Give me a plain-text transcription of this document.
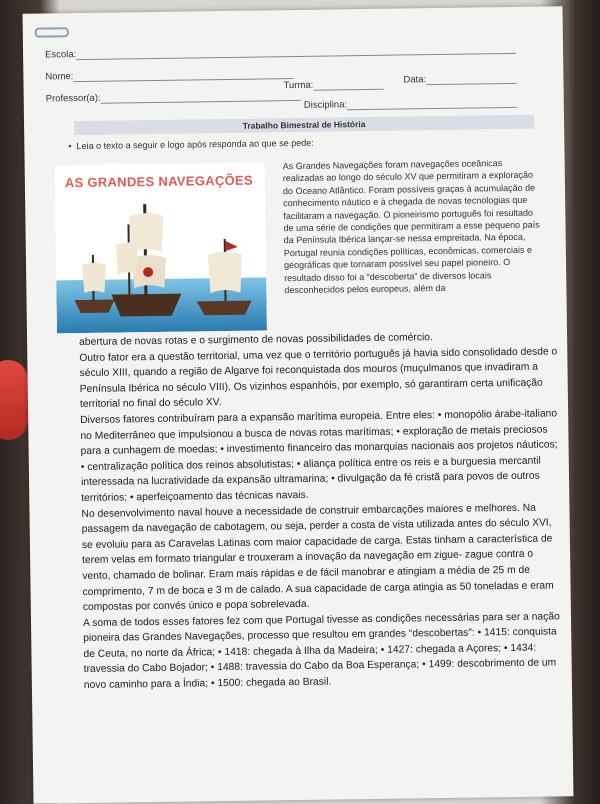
Escola:
Nome:
Turma:	Data:
Professor(a):
Disciplina:
Trabalho Bimestral de História
•  Leia o texto a seguir e logo após responda ao que se pede:
AS GRANDES NAVEGAÇÕES
As Grandes Navegações foram navegações oceânicas realizadas ao longo do século XV que permitiram a exploração do Oceano Atlântico. Foram possíveis graças à acumulação de conhecimento náutico e à chegada de novas tecnologias que facilitaram a navegação. O pioneirismo português foi resultado de uma série de condições que permitiram a esse pequeno país da Península Ibérica lançar-se nessa empreitada. Na época, Portugal reunia condições políticas, econômicas, comerciais e geográficas que tornaram possível seu papel pioneiro. O resultado disso foi a “descoberta” de diversos locais desconhecidos pelos europeus, além da

abertura de novas rotas e o surgimento de novas possibilidades de comércio.

Outro fator era a questão territorial, uma vez que o território português já havia sido consolidado desde o século XIII, quando a região de Algarve foi reconquistada dos mouros (muçulmanos que invadiram a Península Ibérica no século VIII). Os vizinhos espanhóis, por exemplo, só garantiram certa unificação territorial no final do século XV.

Diversos fatores contribuíram para a expansão marítima europeia. Entre eles: • monopólio árabe-italiano no Mediterrâneo que impulsionou a busca de novas rotas marítimas; • exploração de metais preciosos para a cunhagem de moedas; • investimento financeiro das monarquias nacionais aos projetos náuticos; • centralização política dos reinos absolutistas; • aliança política entre os reis e a burguesia mercantil interessada na lucratividade da expansão ultramarina; • divulgação da fé cristã para povos de outros territórios; • aperfeiçoamento das técnicas navais.

No desenvolvimento naval houve a necessidade de construir embarcações maiores e melhores. Na passagem da navegação de cabotagem, ou seja, perder a costa de vista utilizada antes do século XVI, se evoluiu para as Caravelas Latinas com maior capacidade de carga. Estas tinham a característica de terem velas em formato triangular e trouxeram a inovação da navegação em zigue- zague contra o vento, chamado de bolinar. Eram mais rápidas e de fácil manobrar e atingiam a média de 25 m de comprimento, 7 m de boca e 3 m de calado. A sua capacidade de carga atingia as 50 toneladas e eram compostas por convés único e popa sobrelevada.

A soma de todos esses fatores fez com que Portugal tivesse as condições necessárias para ser a nação pioneira das Grandes Navegações, processo que resultou em grandes “descobertas”: • 1415: conquista de Ceuta, no norte da África; • 1418: chegada à Ilha da Madeira; • 1427: chegada a Açores; • 1434: travessia do Cabo Bojador; • 1488: travessia do Cabo da Boa Esperança; • 1499: descobrimento de um novo caminho para a Índia; • 1500: chegada ao Brasil.
